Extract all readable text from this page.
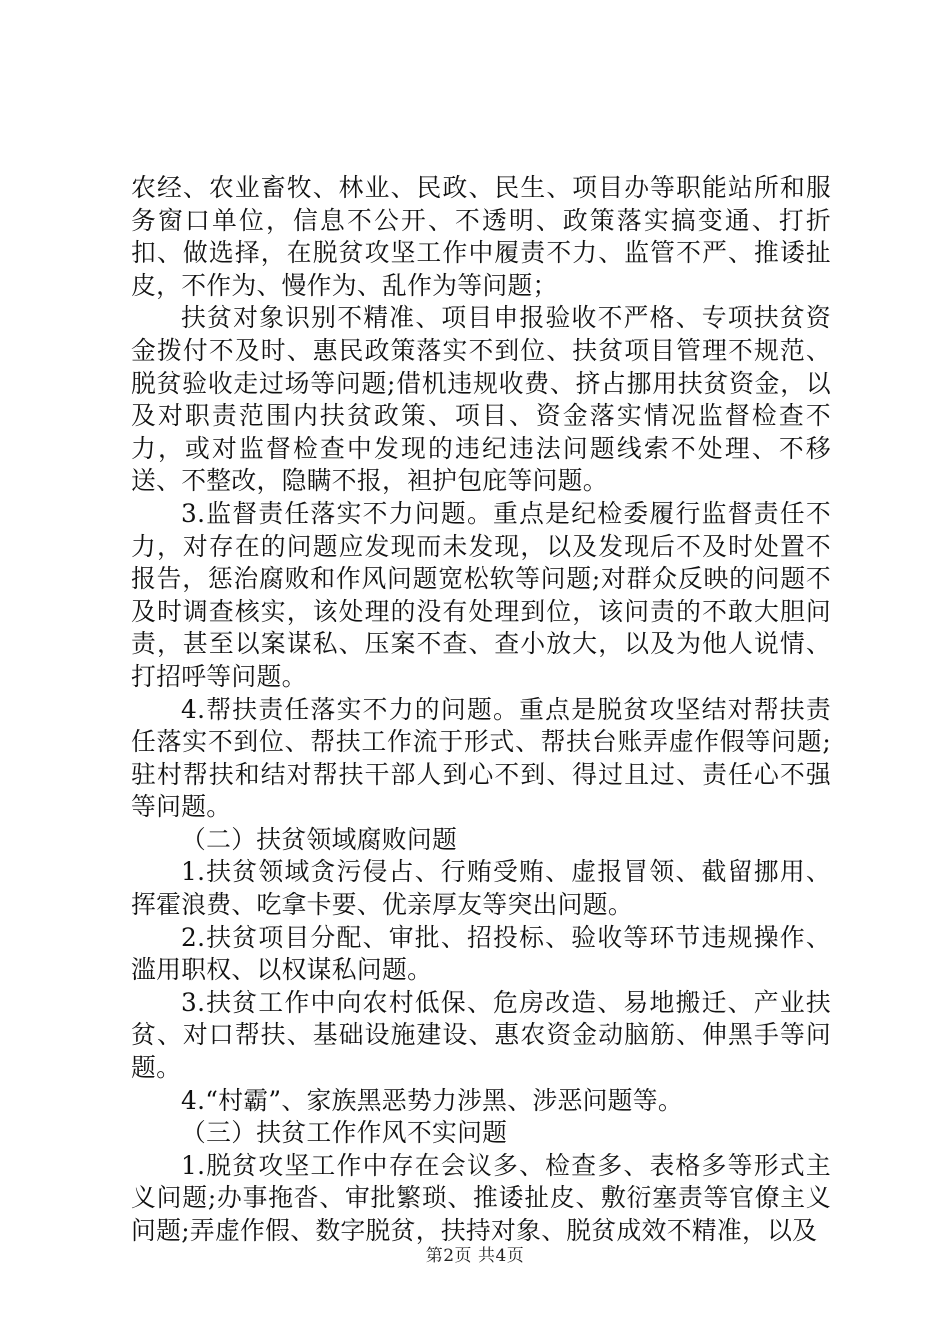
农经、农业畜牧、林业、民政、民生、项目办等职能站所和服务窗口单位，信息不公开、不透明、政策落实搞变通、打折扣、做选择，在脱贫攻坚工作中履责不力、监管不严、推诿扯皮，不作为、慢作为、乱作为等问题；

扶贫对象识别不精准、项目申报验收不严格、专项扶贫资金拨付不及时、惠民政策落实不到位、扶贫项目管理不规范、脱贫验收走过场等问题;借机违规收费、挤占挪用扶贫资金，以及对职责范围内扶贫政策、项目、资金落实情况监督检查不力，或对监督检查中发现的违纪违法问题线索不处理、不移送、不整改，隐瞒不报，袒护包庇等问题。

3.监督责任落实不力问题。重点是纪检委履行监督责任不力，对存在的问题应发现而未发现，以及发现后不及时处置不报告，惩治腐败和作风问题宽松软等问题;对群众反映的问题不及时调查核实，该处理的没有处理到位，该问责的不敢大胆问责，甚至以案谋私、压案不查、查小放大，以及为他人说情、打招呼等问题。

4.帮扶责任落实不力的问题。重点是脱贫攻坚结对帮扶责任落实不到位、帮扶工作流于形式、帮扶台账弄虚作假等问题;驻村帮扶和结对帮扶干部人到心不到、得过且过、责任心不强等问题。

（二）扶贫领域腐败问题

1.扶贫领域贪污侵占、行贿受贿、虚报冒领、截留挪用、挥霍浪费、吃拿卡要、优亲厚友等突出问题。

2.扶贫项目分配、审批、招投标、验收等环节违规操作、滥用职权、以权谋私问题。

3.扶贫工作中向农村低保、危房改造、易地搬迁、产业扶贫、对口帮扶、基础设施建设、惠农资金动脑筋、伸黑手等问题。

4.“村霸”、家族黑恶势力涉黑、涉恶问题等。

（三）扶贫工作作风不实问题

1.脱贫攻坚工作中存在会议多、检查多、表格多等形式主义问题;办事拖沓、审批繁琐、推诿扯皮、敷衍塞责等官僚主义问题;弄虚作假、数字脱贫，扶持对象、脱贫成效不精准，以及

第2页 共4页
